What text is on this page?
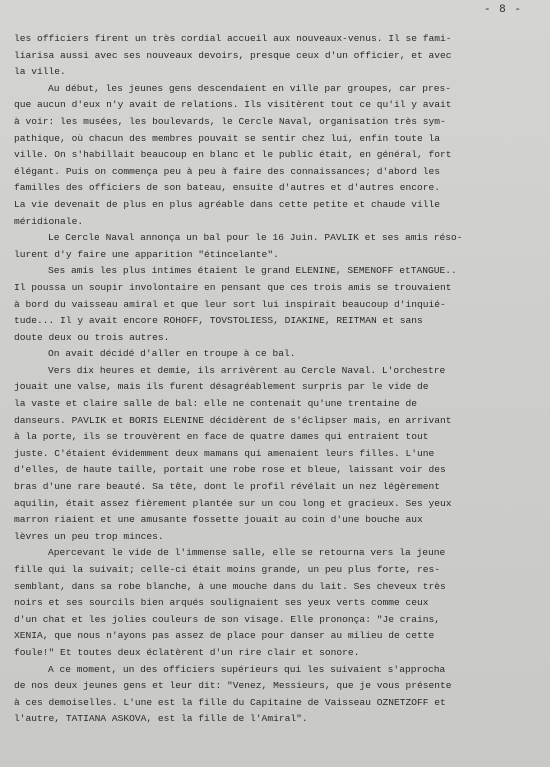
- 8 -
les officiers firent un très cordial accueil aux nouveaux-venus. Il se fami-
liarisa aussi avec ses nouveaux devoirs, presque ceux d'un officier, et avec
la ville.
Au début, les jeunes gens descendaient en ville par groupes, car pres-
que aucun d'eux n'y avait de relations. Ils visitèrent tout ce qu'il y avait
à voir: les musées, les boulevards, le Cercle Naval, organisation très sym-
pathique, où chacun des membres pouvait se sentir chez lui, enfin toute la
ville. On s'habillait beaucoup en blanc et le public était, en général, fort
élégant. Puis on commença peu à peu à faire des connaissances; d'abord les
familles des officiers de son bateau, ensuite d'autres et d'autres encore.
La vie devenait de plus en plus agréable dans cette petite et chaude ville
méridionale.
Le Cercle Naval annonça un bal pour le 16 Juin. PAVLIK et ses amis réso-
lurent d'y faire une apparition "étincelante".
Ses amis les plus intimes étaient le grand ELENINE, SEMENOFF etTANGUE..
Il poussa un soupir involontaire en pensant que ces trois amis se trouvaient
à bord du vaisseau amiral et que leur sort lui inspirait beaucoup d'inquié-
tude... Il y avait encore ROHOFF, TOVSTOLIESS, DIAKINE, REITMAN et sans
doute deux ou trois autres.
On avait décidé d'aller en troupe à ce bal.
Vers dix heures et demie, ils arrivèrent au Cercle Naval. L'orchestre
jouait une valse, mais ils furent désagréablement surpris par le vide de
la vaste et claire salle de bal: elle ne contenait qu'une trentaine de
danseurs. PAVLIK et BORIS ELENINE décidèrent de s'éclipser mais, en arrivant
à la porte, ils se trouvèrent en face de quatre dames qui entraient tout
juste. C'étaient évidemment deux mamans qui amenaient leurs filles. L'une
d'elles, de haute taille, portait une robe rose et bleue, laissant voir des
bras d'une rare beauté. Sa tête, dont le profil révélait un nez légèrement
aquilin, était assez fièrement plantée sur un cou long et gracieux. Ses yeux
marron riaient et une amusante fossette jouait au coin d'une bouche aux
lèvres un peu trop minces.
Apercevant le vide de l'immense salle, elle se retourna vers la jeune
fille qui la suivait; celle-ci était moins grande, un peu plus forte, res-
semblant, dans sa robe blanche, à une mouche dans du lait. Ses cheveux très
noirs et ses sourcils bien arqués soulignaient ses yeux verts comme ceux
d'un chat et les jolies couleurs de son visage. Elle prononça: "Je crains,
XENIA, que nous n'ayons pas assez de place pour danser au milieu de cette
foule!" Et toutes deux éclatèrent d'un rire clair et sonore.
A ce moment, un des officiers supérieurs qui les suivaient s'approcha
de nos deux jeunes gens et leur dit: "Venez, Messieurs, que je vous présente
à ces demoiselles. L'une est la fille du Capitaine de Vaisseau OZNETZOFF et
l'autre, TATIANA ASKOVA, est la fille de l'Amiral".
